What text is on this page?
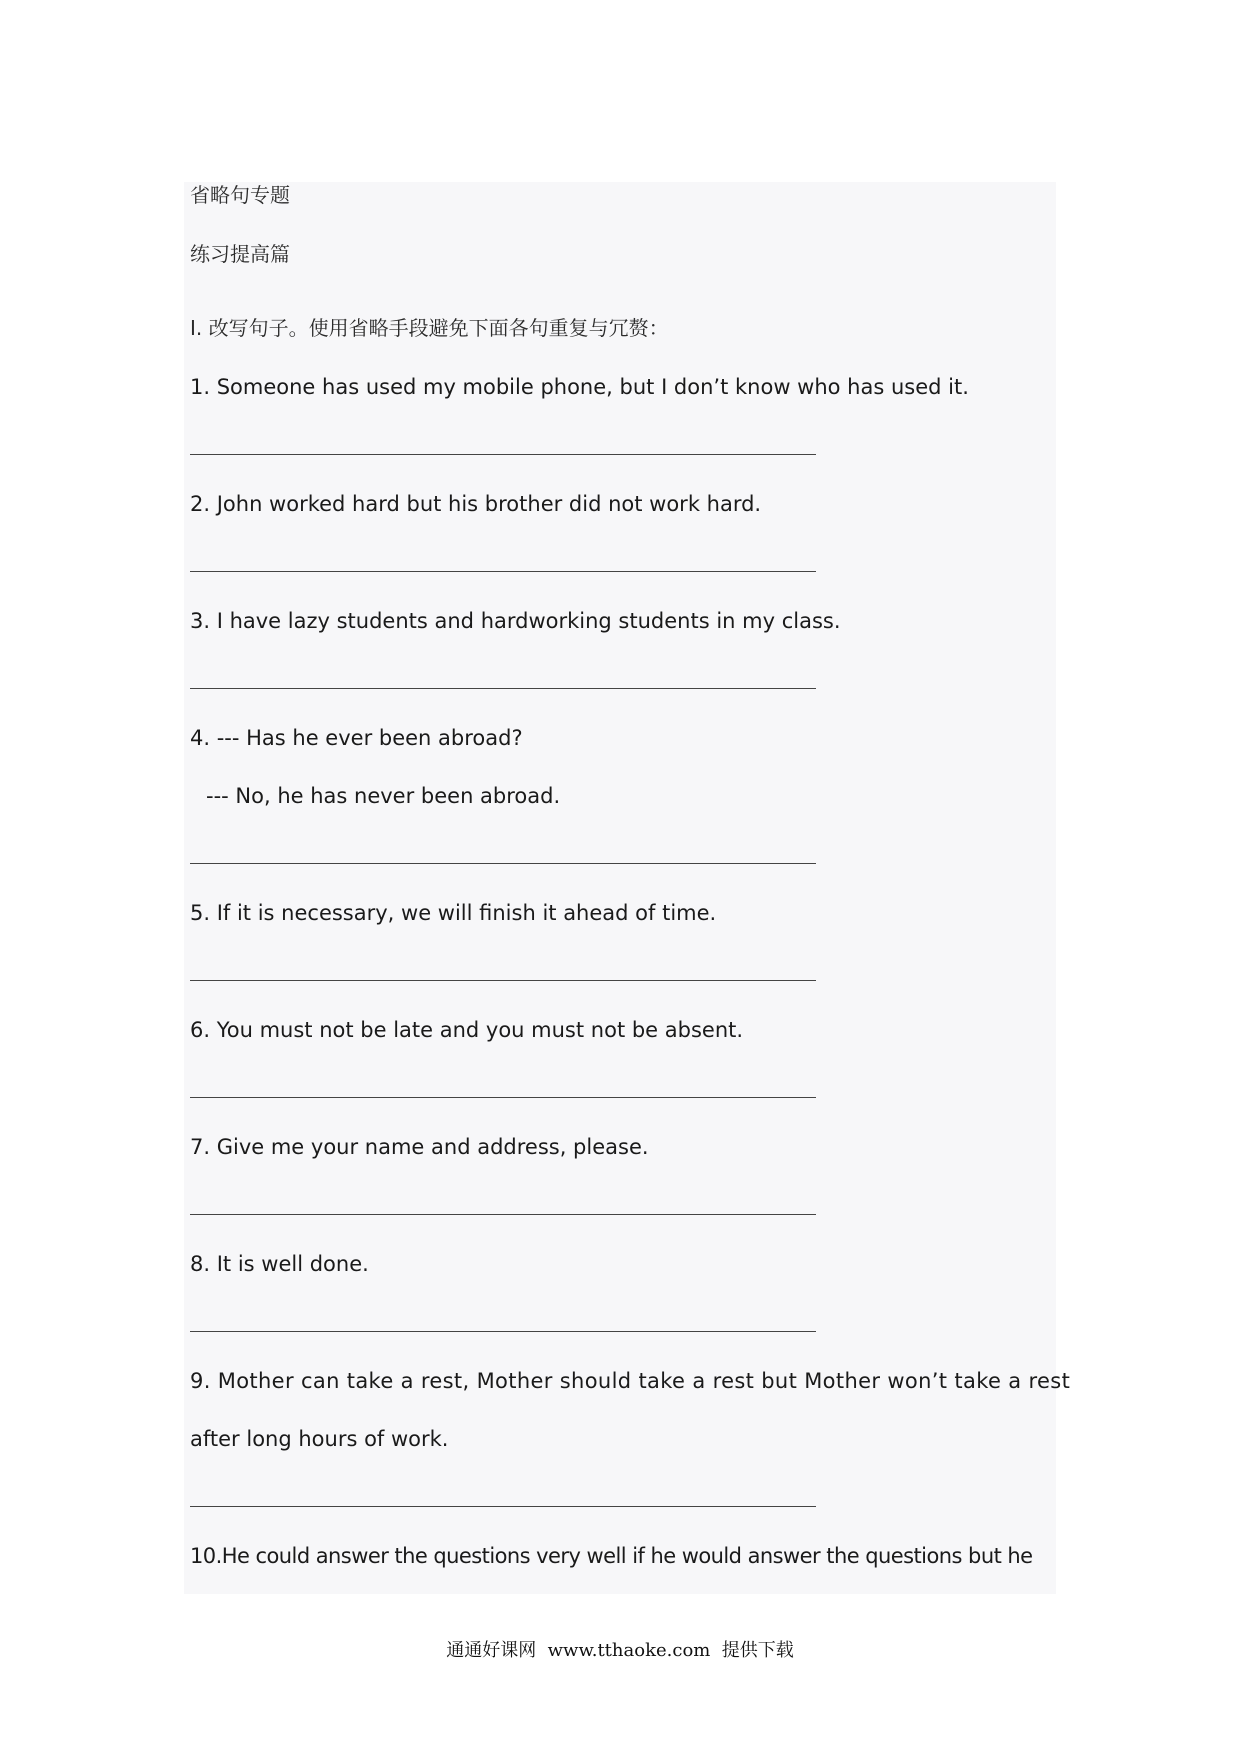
省略句专题
练习提高篇
I. 改写句子。使用省略手段避免下面各句重复与冗赘：
1. Someone has used my mobile phone, but I don’t know who has used it.
2. John worked hard but his brother did not work hard.
3. I have lazy students and hardworking students in my class.
4. --- Has he ever been abroad?
--- No, he has never been abroad.
5. If it is necessary, we will finish it ahead of time.
6. You must not be late and you must not be absent.
7. Give me your name and address, please.
8. It is well done.
9. Mother can take a rest, Mother should take a rest but Mother won’t take a rest
after long hours of work.
10.He could answer the questions very well if he would answer the questions but he
通通好课网  www.tthaoke.com  提供下载
